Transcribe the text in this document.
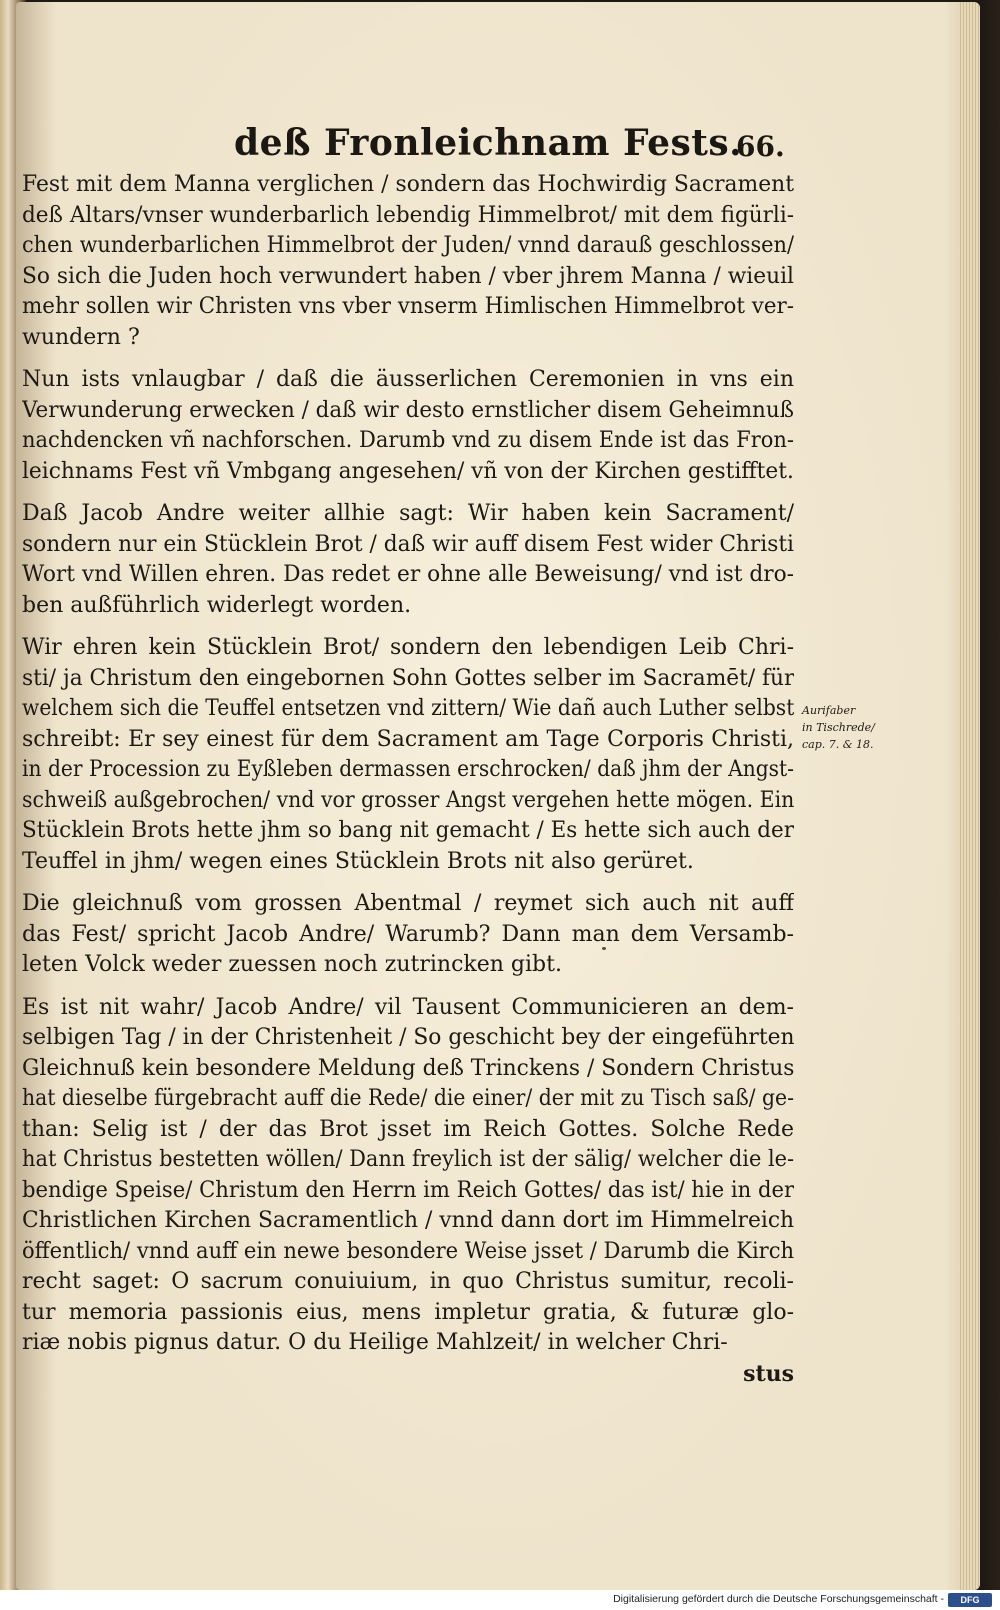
deß Fronleichnam Fests.
66.
Fest mit dem Manna verglichen / sondern das Hochwirdig Sacrament
deß Altars/vnser wunderbarlich lebendig Himmelbrot/ mit dem figürli-
chen wunderbarlichen Himmelbrot der Juden/ vnnd darauß geschlossen/
So sich die Juden hoch verwundert haben / vber jhrem Manna / wieuil
mehr sollen wir Christen vns vber vnserm Himlischen Himmelbrot ver-
wundern ?
Nun ists vnlaugbar / daß die äusserlichen Ceremonien in vns ein
Verwunderung erwecken / daß wir desto ernstlicher disem Geheimnuß
nachdencken vñ nachforschen. Darumb vnd zu disem Ende ist das Fron-
leichnams Fest vñ Vmbgang angesehen/ vñ von der Kirchen gestifftet.
Daß Jacob Andre weiter allhie sagt: Wir haben kein Sacrament/
sondern nur ein Stücklein Brot / daß wir auff disem Fest wider Christi
Wort vnd Willen ehren. Das redet er ohne alle Beweisung/ vnd ist dro-
ben außführlich widerlegt worden.
Wir ehren kein Stücklein Brot/ sondern den lebendigen Leib Chri-
sti/ ja Christum den eingebornen Sohn Gottes selber im Sacramēt/ für
welchem sich die Teuffel entsetzen vnd zittern/ Wie dañ auch Luther selbst
schreibt: Er sey einest für dem Sacrament am Tage Corporis Christi,
in der Procession zu Eyßleben dermassen erschrocken/ daß jhm der Angst-
schweiß außgebrochen/ vnd vor grosser Angst vergehen hette mögen. Ein
Stücklein Brots hette jhm so bang nit gemacht / Es hette sich auch der
Teuffel in jhm/ wegen eines Stücklein Brots nit also gerüret.
Die gleichnuß vom grossen Abentmal / reymet sich auch nit auff
das Fest/ spricht Jacob Andre/ Warumb? Dann man dem Versamb-
leten Volck weder zuessen noch zutrincken gibt.
Es ist nit wahr/ Jacob Andre/ vil Tausent Communicieren an dem-
selbigen Tag / in der Christenheit / So geschicht bey der eingeführten
Gleichnuß kein besondere Meldung deß Trinckens / Sondern Christus
hat dieselbe fürgebracht auff die Rede/ die einer/ der mit zu Tisch saß/ ge-
than: Selig ist / der das Brot jsset im Reich Gottes. Solche Rede
hat Christus bestetten wöllen/ Dann freylich ist der sälig/ welcher die le-
bendige Speise/ Christum den Herrn im Reich Gottes/ das ist/ hie in der
Christlichen Kirchen Sacramentlich / vnnd dann dort im Himmelreich
öffentlich/ vnnd auff ein newe besondere Weise jsset / Darumb die Kirch
recht saget: O sacrum conuiuium, in quo Christus sumitur, recoli-
tur memoria passionis eius, mens impletur gratia, & futuræ glo-
riæ nobis pignus datur. O du Heilige Mahlzeit/ in welcher Chri-
stus
Aurifaber
in Tischrede/
cap. 7. & 18.
Digitalisierung gefördert durch die Deutsche Forschungsgemeinschaft -	DFG
